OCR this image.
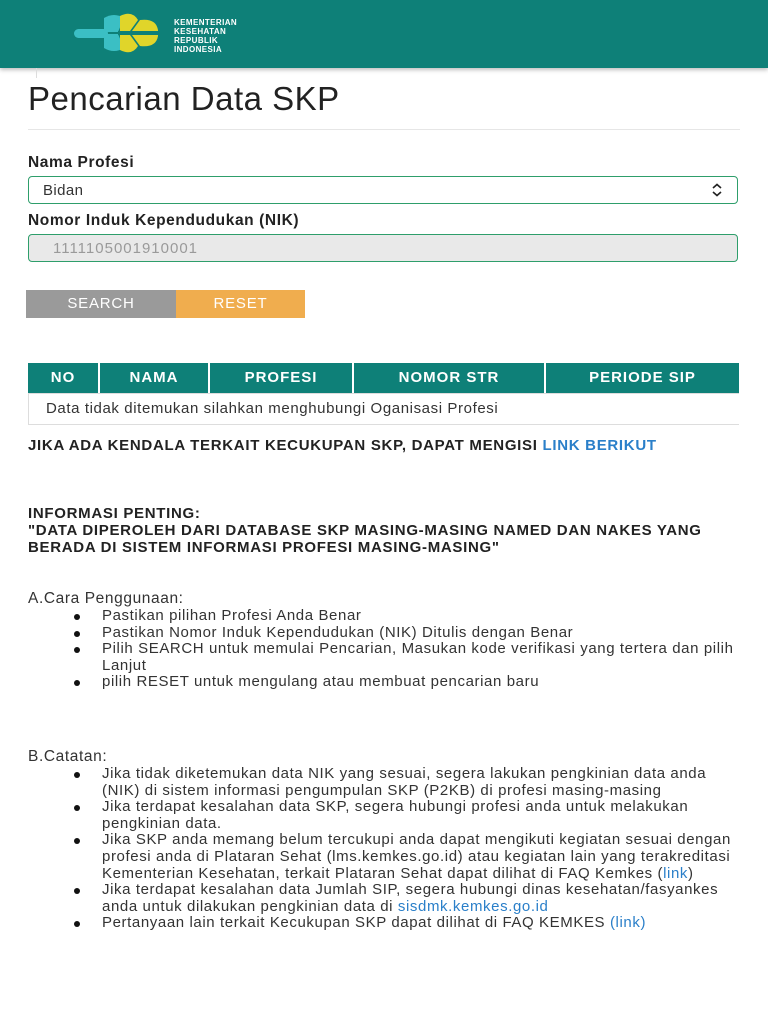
KEMENTERIAN
KESEHATAN
REPUBLIK
INDONESIA
Pencarian Data SKP
Nama Profesi
Bidan
Nomor Induk Kependudukan (NIK)
1111105001910001
SEARCH	RESET
NO	NAMA	PROFESI	NOMOR STR	PERIODE SIP
Data tidak ditemukan silahkan menghubungi Oganisasi Profesi
JIKA ADA KENDALA TERKAIT KECUKUPAN SKP, DAPAT MENGISI LINK BERIKUT
INFORMASI PENTING:
"DATA DIPEROLEH DARI DATABASE SKP MASING-MASING NAMED DAN NAKES YANG BERADA DI SISTEM INFORMASI PROFESI MASING-MASING"
A.Cara Penggunaan:
Pastikan pilihan Profesi Anda Benar
Pastikan Nomor Induk Kependudukan (NIK) Ditulis dengan Benar
Pilih SEARCH untuk memulai Pencarian, Masukan kode verifikasi yang tertera dan pilih Lanjut
pilih RESET untuk mengulang atau membuat pencarian baru
B.Catatan:
Jika tidak diketemukan data NIK yang sesuai, segera lakukan pengkinian data anda (NIK) di sistem informasi pengumpulan SKP (P2KB) di profesi masing-masing
Jika terdapat kesalahan data SKP, segera hubungi profesi anda untuk melakukan pengkinian data.
Jika SKP anda memang belum tercukupi anda dapat mengikuti kegiatan sesuai dengan profesi anda di Plataran Sehat (lms.kemkes.go.id) atau kegiatan lain yang terakreditasi Kementerian Kesehatan, terkait Plataran Sehat dapat dilihat di FAQ Kemkes (link)
Jika terdapat kesalahan data Jumlah SIP, segera hubungi dinas kesehatan/fasyankes anda untuk dilakukan pengkinian data di sisdmk.kemkes.go.id
Pertanyaan lain terkait Kecukupan SKP dapat dilihat di FAQ KEMKES (link)
